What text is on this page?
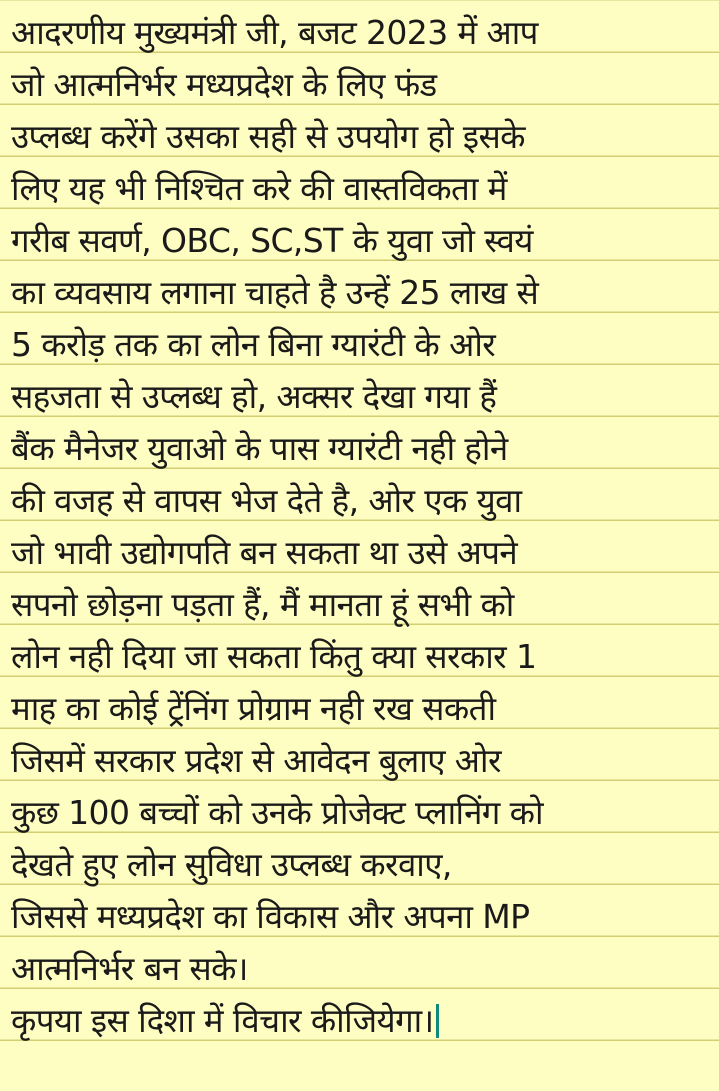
आदरणीय मुख्यमंत्री जी, बजट 2023 में आप
जो आत्मनिर्भर मध्यप्रदेश के लिए फंड
उप्लब्ध करेंगे उसका सही से उपयोग हो इसके
लिए यह भी निश्चित करे की वास्तविकता में
गरीब सवर्ण, OBC, SC,ST के युवा जो स्वयं
का व्यवसाय लगाना चाहते है उन्हें 25 लाख से
5 करोड़ तक का लोन बिना ग्यारंटी के ओर
सहजता से उप्लब्ध हो, अक्सर देखा गया हैं
बैंक मैनेजर युवाओ के पास ग्यारंटी नही होने
की वजह से वापस भेज देते है, ओर एक युवा
जो भावी उद्योगपति बन सकता था उसे अपने
सपनो छोड़ना पड़ता हैं, मैं मानता हूं सभी को
लोन नही दिया जा सकता किंतु क्या सरकार 1
माह का कोई ट्रेंनिंग प्रोग्राम नही रख सकती
जिसमें सरकार प्रदेश से आवेदन बुलाए ओर
कुछ 100 बच्चों को उनके प्रोजेक्ट प्लानिंग को
देखते हुए लोन सुविधा उप्लब्ध करवाए,
जिससे मध्यप्रदेश का विकास और अपना MP
आत्मनिर्भर बन सके।
कृपया इस दिशा में विचार कीजियेगा।
